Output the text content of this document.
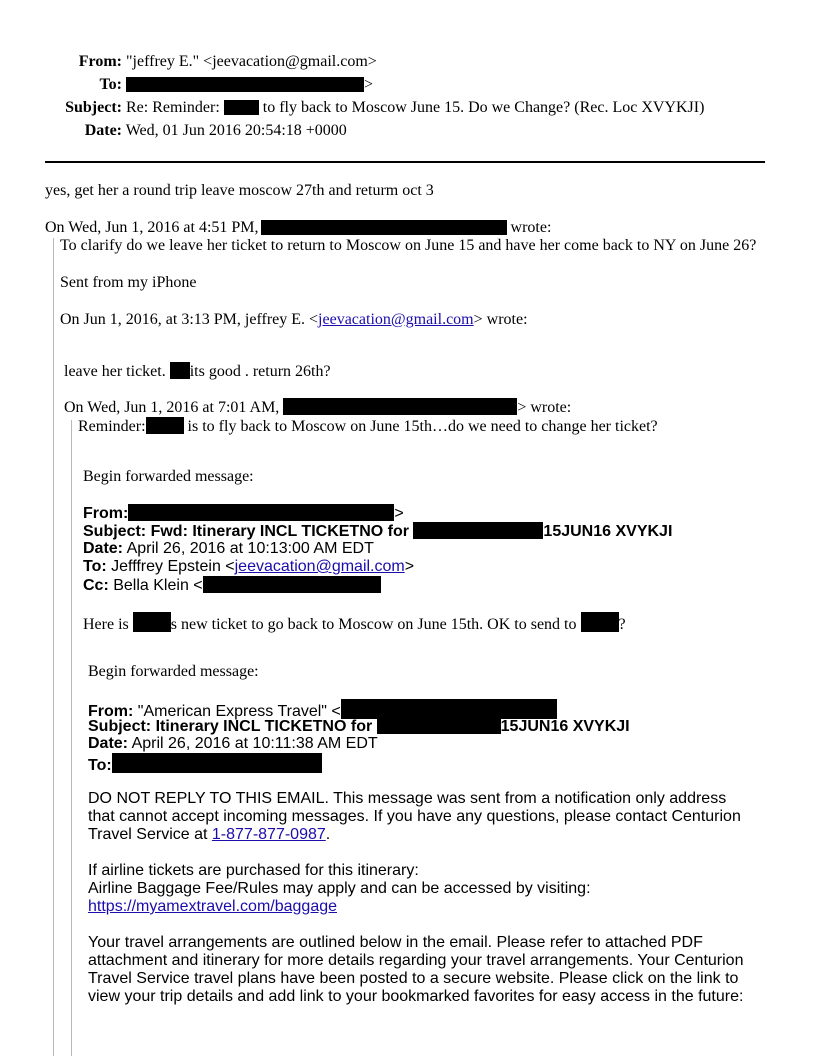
From: "jeffrey E." <jeevacation@gmail.com>
To:	>
Subject: Re: Reminder:	to fly back to Moscow June 15. Do we Change? (Rec. Loc XVYKJI)
Date: Wed, 01 Jun 2016 20:54:18 +0000
yes, get her a round trip leave moscow 27th and returm oct 3
On Wed, Jun 1, 2016 at 4:51 PM,	wrote:
To clarify do we leave her ticket to return to Moscow on June 15 and have her come back to NY on June 26?
Sent from my iPhone
On Jun 1, 2016, at 3:13 PM, jeffrey E. <jeevacation@gmail.com> wrote:
leave her ticket. its good . return 26th?
On Wed, Jun 1, 2016 at 7:01 AM,	> wrote:
Reminder:	is to fly back to Moscow on June 15th…do we need to change her ticket?
Begin forwarded message:
From:	>
Subject: Fwd: Itinerary INCL TICKETNO for	15JUN16 XVYKJI
Date: April 26, 2016 at 10:13:00 AM EDT
To: Jefffrey Epstein <jeevacation@gmail.com>
Cc: Bella Klein <
Here is	s new ticket to go back to Moscow on June 15th. OK to send to	?
Begin forwarded message:
From: "American Express Travel" <
Subject: Itinerary INCL TICKETNO for	15JUN16 XVYKJI
Date: April 26, 2016 at 10:11:38 AM EDT
To:
DO NOT REPLY TO THIS EMAIL. This message was sent from a notification only address
that cannot accept incoming messages. If you have any questions, please contact Centurion
Travel Service at 1-877-877-0987.
If airline tickets are purchased for this itinerary:
Airline Baggage Fee/Rules may apply and can be accessed by visiting:
https://myamextravel.com/baggage
Your travel arrangements are outlined below in the email. Please refer to attached PDF
attachment and itinerary for more details regarding your travel arrangements. Your Centurion
Travel Service travel plans have been posted to a secure website. Please click on the link to
view your trip details and add link to your bookmarked favorites for easy access in the future:
